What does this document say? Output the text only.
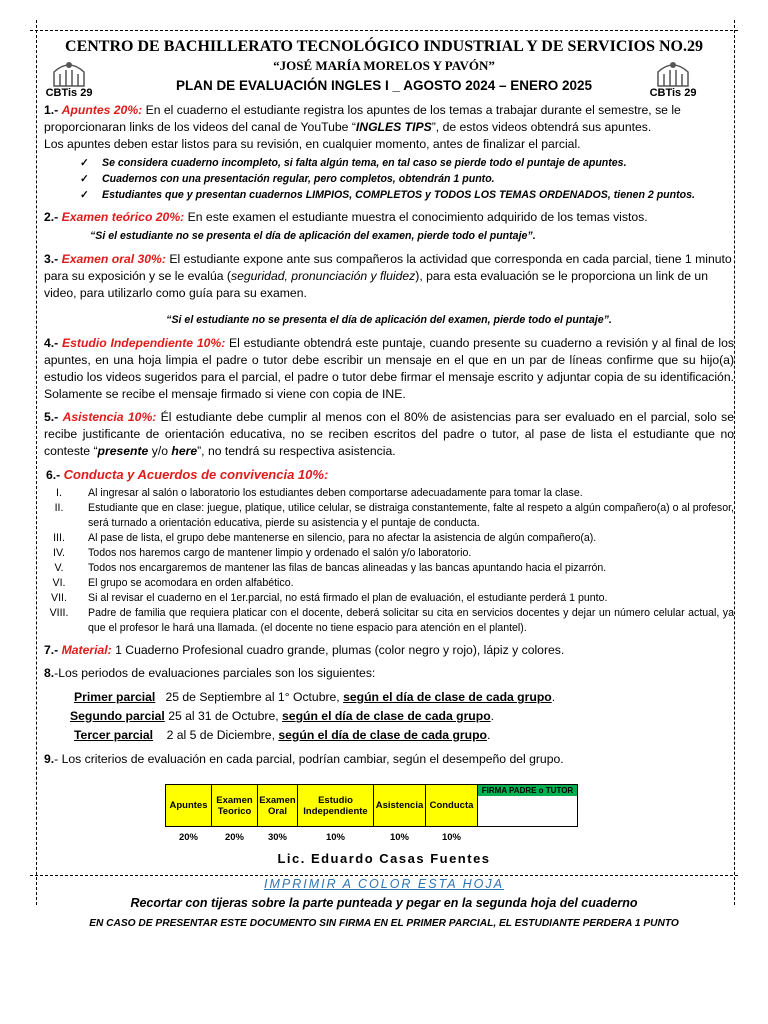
CBTis 29	CBTis 29
CENTRO DE BACHILLERATO TECNOLÓGICO INDUSTRIAL Y DE SERVICIOS NO.29
“JOSÉ MARÍA MORELOS Y PAVÓN”
PLAN DE EVALUACIÓN INGLES I _ AGOSTO 2024 – ENERO 2025

1.- Apuntes 20%: En el cuaderno el estudiante registra los apuntes de los temas a trabajar durante el semestre, se le proporcionaran links de los videos del canal de YouTube “INGLES TIPS”, de estos videos obtendrá sus apuntes.

Los apuntes deben estar listos para su revisión, en cualquier momento, antes de finalizar el parcial.

✓	Se considera cuaderno incompleto, si falta algún tema, en tal caso se pierde todo el puntaje de apuntes.
✓	Cuadernos con una presentación regular, pero completos, obtendrán 1 punto.
✓	Estudiantes que y presentan cuadernos LIMPIOS, COMPLETOS y TODOS LOS TEMAS ORDENADOS, tienen 2 puntos.

2.- Examen teórico 20%: En este examen el estudiante muestra el conocimiento adquirido de los temas vistos.

“Si el estudiante no se presenta el día de aplicación del examen, pierde todo el puntaje”.

3.- Examen oral 30%: El estudiante expone ante sus compañeros la actividad que corresponda en cada parcial, tiene 1 minuto para su exposición y se le evalúa (seguridad, pronunciación y fluidez), para esta evaluación se le proporciona un link de un video, para utilizarlo como guía para su examen.

“Si el estudiante no se presenta el día de aplicación del examen, pierde todo el puntaje”.

4.- Estudio Independiente 10%: El estudiante obtendrá este puntaje, cuando presente su cuaderno a revisión y al final de los apuntes, en una hoja limpia el padre o tutor debe escribir un mensaje en el que en un par de líneas confirme que su hijo(a) estudio los videos sugeridos para el parcial, el padre o tutor debe firmar el mensaje escrito y adjuntar copia de su identificación. Solamente se recibe el mensaje firmado si viene con copia de INE.

5.- Asistencia 10%: Él estudiante debe cumplir al menos con el 80% de asistencias para ser evaluado en el parcial, solo se recibe justificante de orientación educativa, no se reciben escritos del padre o tutor, al pase de lista el estudiante que no conteste “presente y/o here”, no tendrá su respectiva asistencia.

6.- Conducta y Acuerdos de convivencia 10%:

I.	Al ingresar al salón o laboratorio los estudiantes deben comportarse adecuadamente para tomar la clase.
II.	Estudiante que en clase: juegue, platique, utilice celular, se distraiga constantemente, falte al respeto a algún compañero(a) o al profesor, será turnado a orientación educativa, pierde su asistencia y el puntaje de conducta.
III.	Al pase de lista, el grupo debe mantenerse en silencio, para no afectar la asistencia de algún compañero(a).
IV.	Todos nos haremos cargo de mantener limpio y ordenado el salón y/o laboratorio.
V.	Todos nos encargaremos de mantener las filas de bancas alineadas y las bancas apuntando hacia el pizarrón.
VI.	El grupo se acomodara en orden alfabético.
VII.	Si al revisar el cuaderno en el 1er.parcial, no está firmado el plan de evaluación, el estudiante perderá 1 punto.
VIII.	Padre de familia que requiera platicar con el docente, deberá solicitar su cita en servicios docentes y dejar un número celular actual, ya que el profesor le hará una llamada. (el docente no tiene espacio para atención en el plantel).

7.- Material: 1 Cuaderno Profesional cuadro grande, plumas (color negro y rojo), lápiz y colores.

8.-Los periodos de evaluaciones parciales son los siguientes:

Primer parcial   25 de Septiembre al 1° Octubre, según el día de clase de cada grupo.
Segundo parcial 25 al 31 de Octubre, según el día de clase de cada grupo.
Tercer parcial    2 al 5 de Diciembre, según el día de clase de cada grupo.

9.- Los criterios de evaluación en cada parcial, podrían cambiar, según el desempeño del grupo.

Apuntes	Examen Teorico	Examen Oral	Estudio Independiente	Asistencia	Conducta	FIRMA PADRE o TUTOR

20%	20%	30%	10%	10%	10%	
Lic. Eduardo Casas Fuentes
IMPRIMIR A COLOR ESTA HOJA
Recortar con tijeras sobre la parte punteada y pegar en la segunda hoja del cuaderno
EN CASO DE PRESENTAR ESTE DOCUMENTO SIN FIRMA EN EL PRIMER PARCIAL, EL ESTUDIANTE PERDERA 1 PUNTO
